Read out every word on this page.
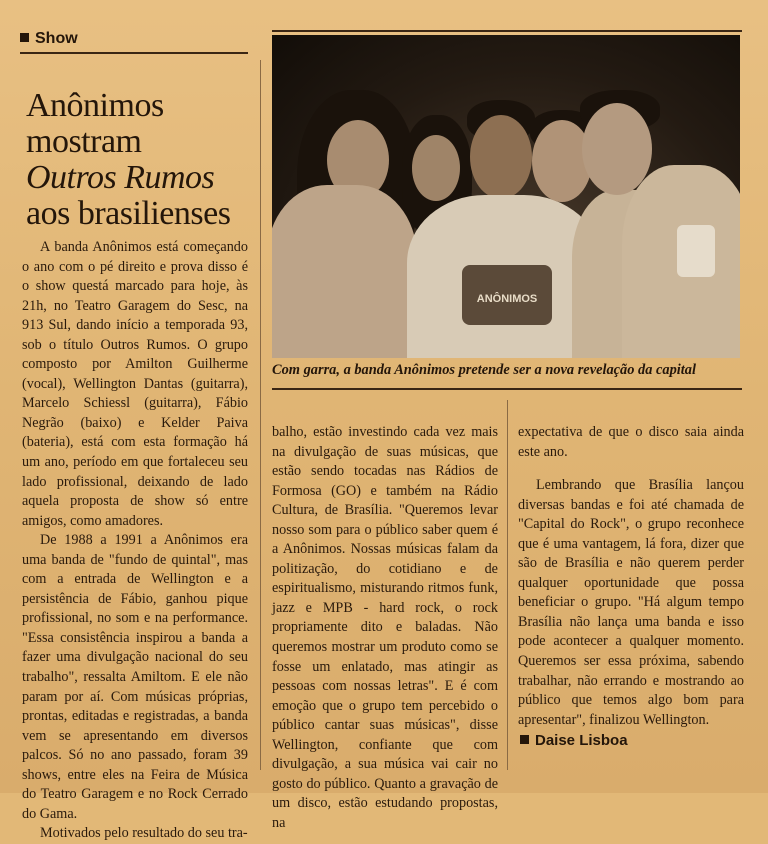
Show
Anônimos mostram
Outros Rumos
aos brasilienses

A banda Anônimos está começando o ano com o pé direito e prova disso é o show questá marcado para hoje, às 21h, no Teatro Garagem do Sesc, na 913 Sul, dando início a temporada 93, sob o título Outros Rumos. O grupo composto por Amilton Guilherme (vocal), Wellington Dantas (guitarra), Marcelo Schiessl (guitarra), Fábio Negrão (baixo) e Kelder Paiva (bateria), está com esta formação há um ano, período em que fortaleceu seu lado profissional, deixando de lado aquela proposta de show só entre amigos, como amadores.

De 1988 a 1991 a Anônimos era uma banda de "fundo de quintal", mas com a entrada de Wellington e a persistência de Fábio, ganhou pique profissional, no som e na performance. "Essa consistência inspirou a banda a fazer uma divulgação nacional do seu trabalho", ressalta Amiltom. E ele não param por aí. Com músicas próprias, prontas, editadas e registradas, a banda vem se apresentando em diversos palcos. Só no ano passado, foram 39 shows, entre eles na Feira de Música do Teatro Garagem e no Rock Cerrado do Gama.

Motivados pelo resultado do seu tra-

ANÔNIMOS
Com garra, a banda Anônimos pretende ser a nova revelação da capital

balho, estão investindo cada vez mais na divulgação de suas músicas, que estão sendo tocadas nas Rádios de Formosa (GO) e também na Rádio Cultura, de Brasília. "Queremos levar nosso som para o público saber quem é a Anônimos. Nossas músicas falam da politização, do cotidiano e de espiritualismo, misturando ritmos funk, jazz e MPB - hard rock, o rock propriamente dito e baladas. Não queremos mostrar um produto como se fosse um enlatado, mas atingir as pessoas com nossas letras". E é com emoção que o grupo tem percebido o público cantar suas músicas", disse Wellington, confiante que com divulgação, a sua música vai cair no gosto do público. Quanto a gravação de um disco, estão estudando propostas, na

expectativa de que o disco saia ainda este ano.

Lembrando que Brasília lançou diversas bandas e foi até chamada de "Capital do Rock", o grupo reconhece que é uma vantagem, lá fora, dizer que são de Brasília e não querem perder qualquer oportunidade que possa beneficiar o grupo. "Há algum tempo Brasília não lança uma banda e isso pode acontecer a qualquer momento. Queremos ser essa próxima, sabendo trabalhar, não errando e mostrando ao público que temos algo bom para apresentar", finalizou Wellington.

Daise Lisboa
